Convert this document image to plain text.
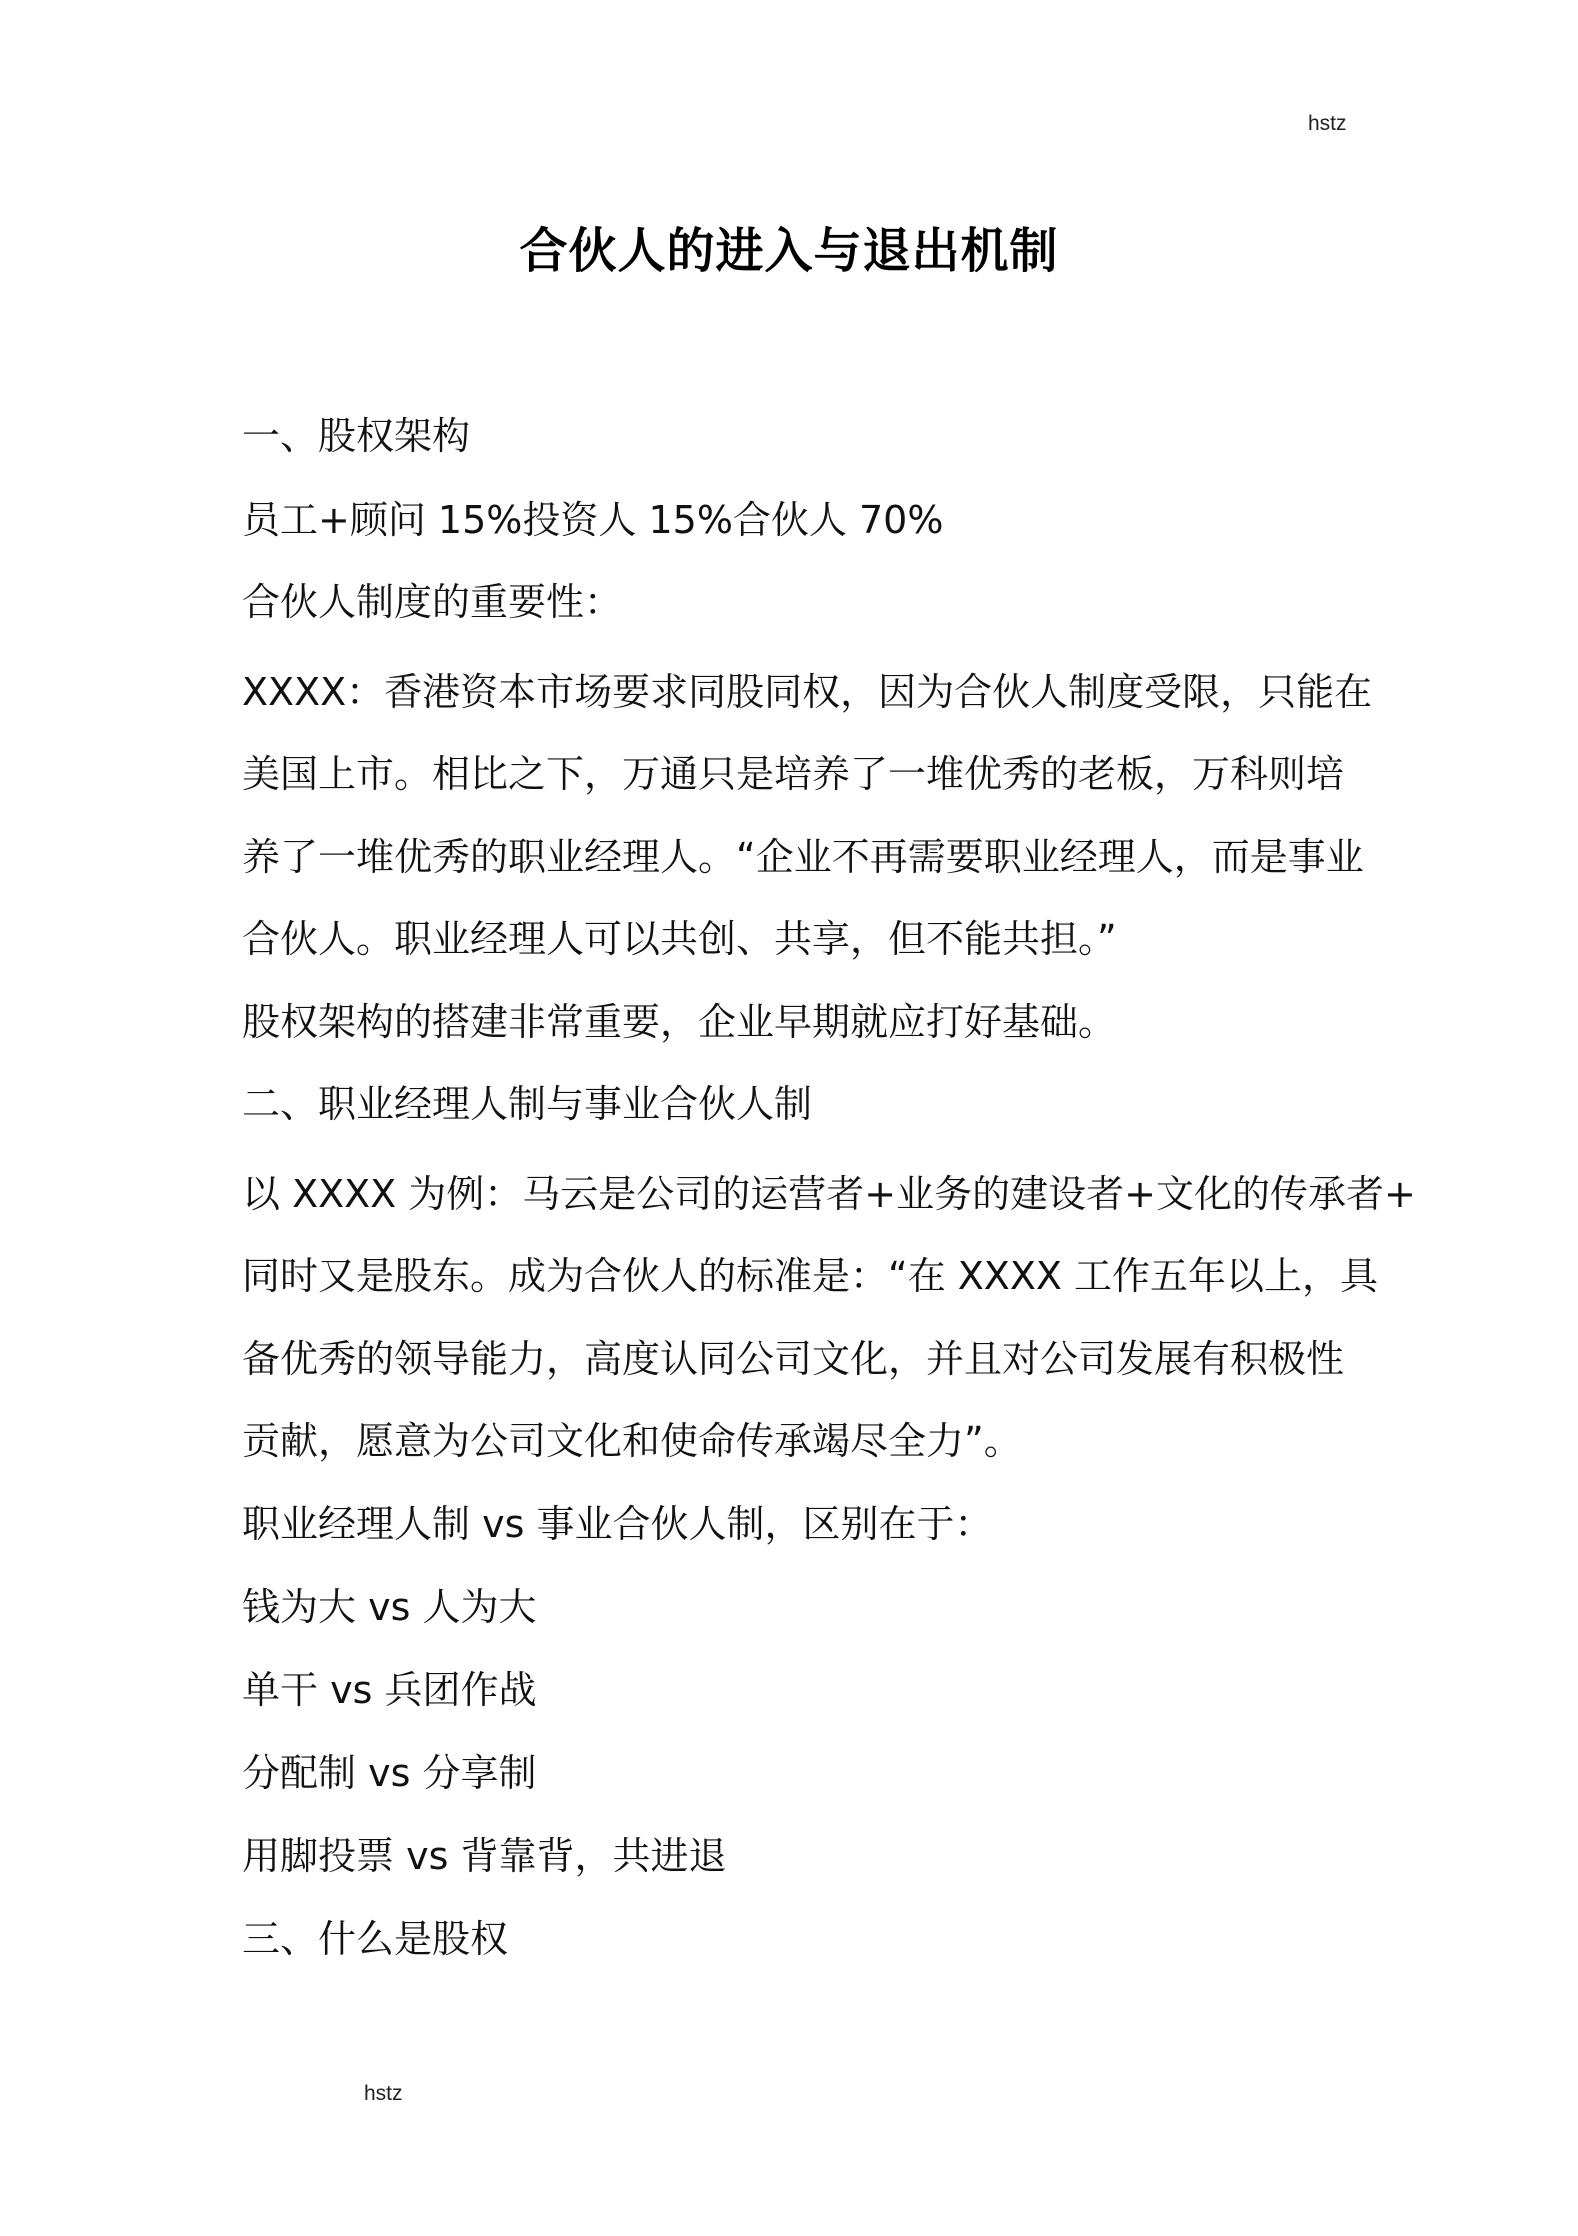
hstz
合伙人的进入与退出机制
一、股权架构
员工+顾问 15%投资人 15%合伙人 70%
合伙人制度的重要性：
XXXX：香港资本市场要求同股同权，因为合伙人制度受限，只能在
美国上市。相比之下，万通只是培养了一堆优秀的老板，万科则培
养了一堆优秀的职业经理人。“企业不再需要职业经理人，而是事业
合伙人。职业经理人可以共创、共享，但不能共担。”
股权架构的搭建非常重要，企业早期就应打好基础。
二、职业经理人制与事业合伙人制
以 XXXX 为例：马云是公司的运营者+业务的建设者+文化的传承者+
同时又是股东。成为合伙人的标准是：“在 XXXX 工作五年以上，具
备优秀的领导能力，高度认同公司文化，并且对公司发展有积极性
贡献，愿意为公司文化和使命传承竭尽全力”。
职业经理人制 vs 事业合伙人制，区别在于：
钱为大 vs 人为大
单干 vs 兵团作战
分配制 vs 分享制
用脚投票 vs 背靠背，共进退
三、什么是股权
hstz
